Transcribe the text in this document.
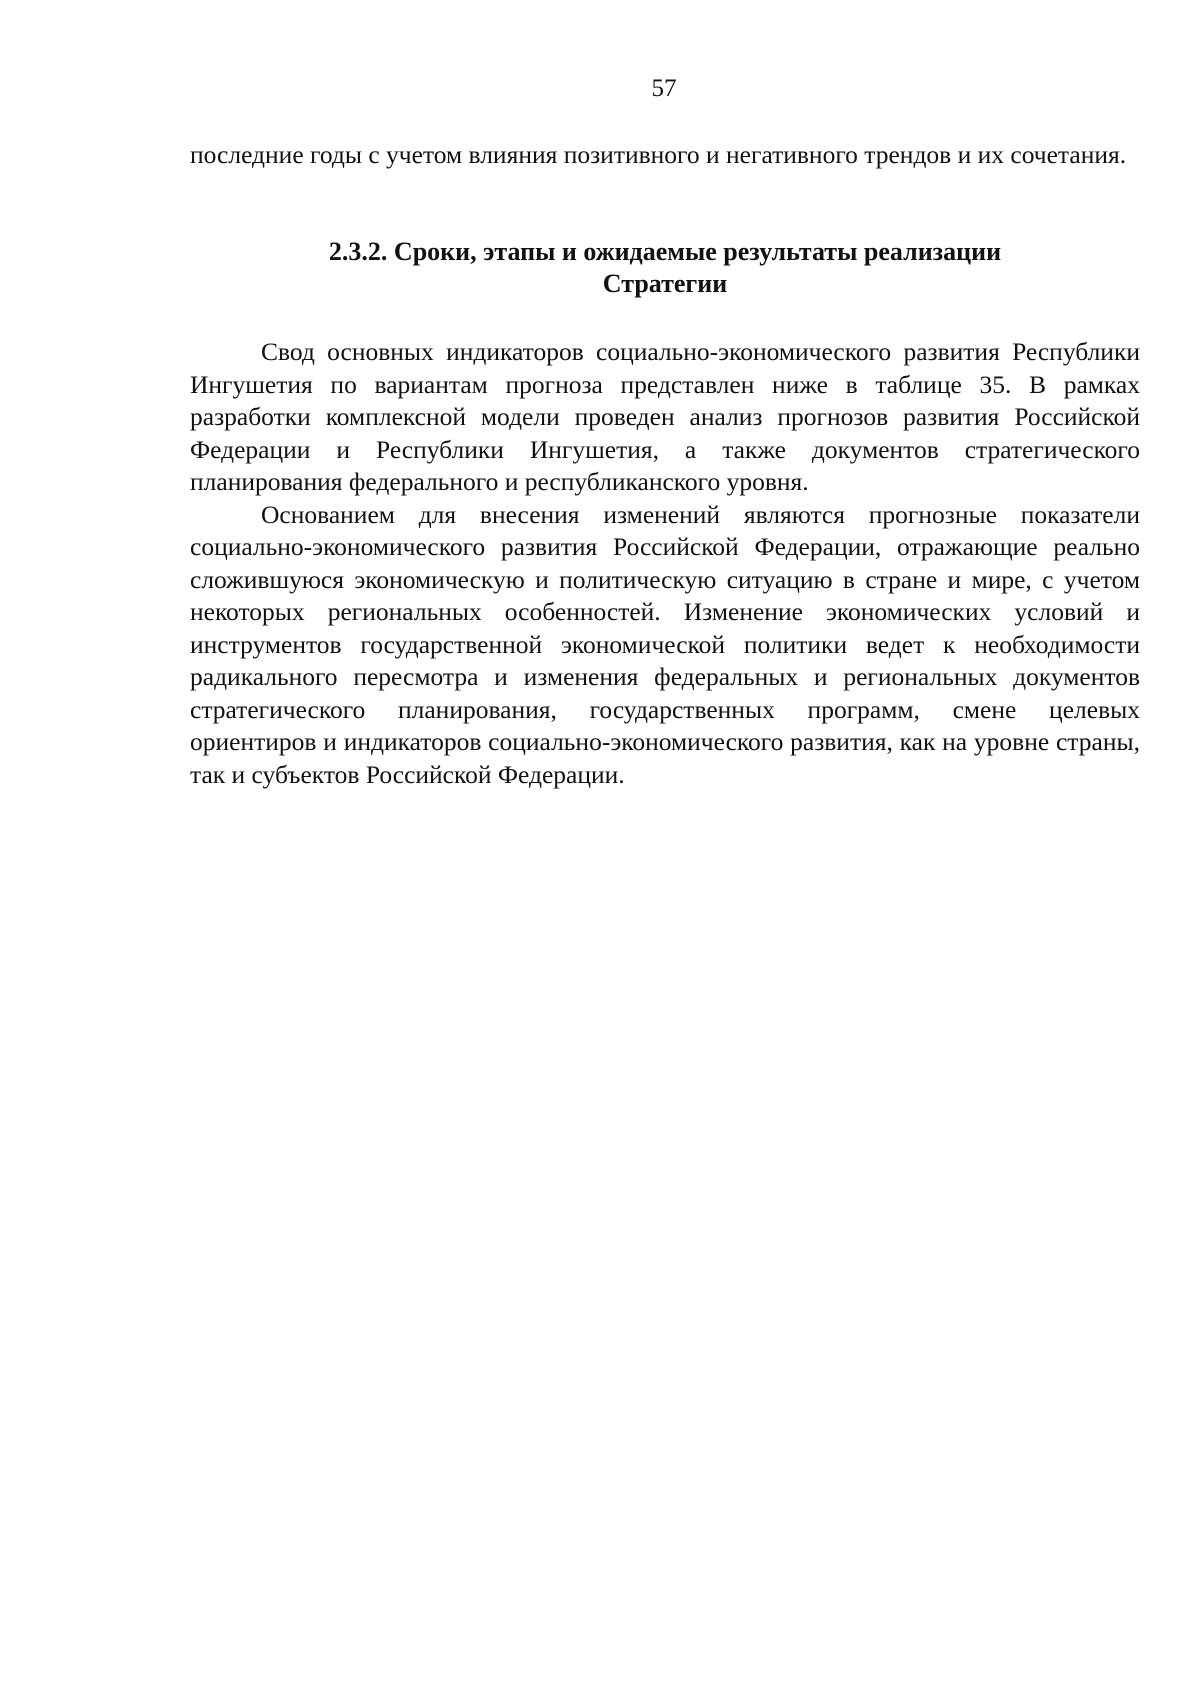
57
последние годы с учетом влияния позитивного и негативного трендов и их сочетания.
2.3.2. Сроки, этапы и ожидаемые результаты реализации
Стратегии

Свод основных индикаторов социально-экономического развития Республики Ингушетия по вариантам прогноза представлен ниже в таблице 35. В рамках разработки комплексной модели проведен анализ прогнозов развития Российской Федерации и Республики Ингушетия, а также документов стратегического планирования федерального и республиканского уровня.

Основанием для внесения изменений являются прогнозные показатели социально-экономического развития Российской Федерации, отражающие реально сложившуюся экономическую и политическую ситуацию в стране и мире, с учетом некоторых региональных особенностей. Изменение экономических условий и инструментов государственной экономической политики ведет к необходимости радикального пересмотра и изменения федеральных и региональных документов стратегического планирования, государственных программ, смене целевых ориентиров и индикаторов социально-экономического развития, как на уровне страны, так и субъектов Российской Федерации.
